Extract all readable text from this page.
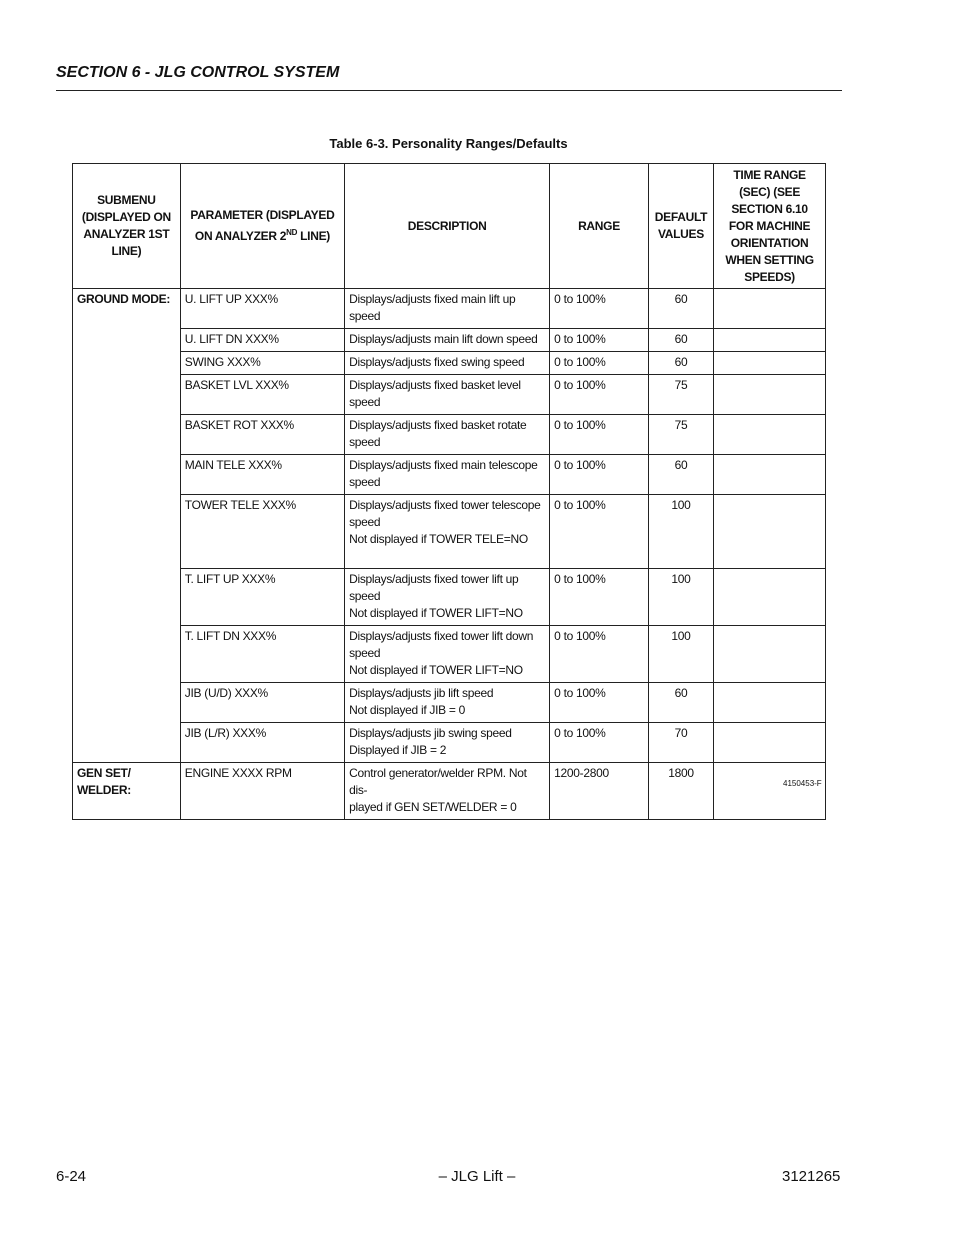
SECTION 6 - JLG CONTROL SYSTEM
Table 6-3. Personality Ranges/Defaults
SUBMENU (DISPLAYED ON ANALYZER 1ST LINE)	PARAMETER (DISPLAYED ON ANALYZER 2ND LINE)	DESCRIPTION	RANGE	DEFAULT VALUES	TIME RANGE (SEC) (SEE SECTION 6.10 FOR MACHINE ORIENTATION WHEN SETTING SPEEDS)
GROUND MODE:	U. LIFT UP XXX%	Displays/adjusts fixed main lift up speed	0 to 100%	60	
	U. LIFT DN XXX%	Displays/adjusts main lift down speed	0 to 100%	60	
	SWING XXX%	Displays/adjusts fixed swing speed	0 to 100%	60	
	BASKET LVL XXX%	Displays/adjusts fixed basket level
speed	0 to 100%	75	
	BASKET ROT XXX%	Displays/adjusts fixed basket rotate
speed	0 to 100%	75	
	MAIN TELE XXX%	Displays/adjusts fixed main telescope
speed	0 to 100%	60	
	TOWER TELE XXX%	Displays/adjusts fixed tower telescope
speed
Not displayed if TOWER TELE=NO	0 to 100%	100	
	T. LIFT UP XXX%	Displays/adjusts fixed tower lift up
speed
Not displayed if TOWER LIFT=NO	0 to 100%	100	
	T. LIFT DN XXX%	Displays/adjusts fixed tower lift down
speed
Not displayed if TOWER LIFT=NO	0 to 100%	100	
	JIB (U/D) XXX%	Displays/adjusts jib lift speed
Not displayed if JIB = 0	0 to 100%	60	
	JIB (L/R) XXX%	Displays/adjusts jib swing speed
Displayed if JIB = 2	0 to 100%	70	
GEN SET/ WELDER:	ENGINE XXXX RPM	Control generator/welder RPM. Not dis-
played if GEN SET/WELDER = 0	1200-2800	1800	
4150453-F
6-24	– JLG Lift –	3121265
